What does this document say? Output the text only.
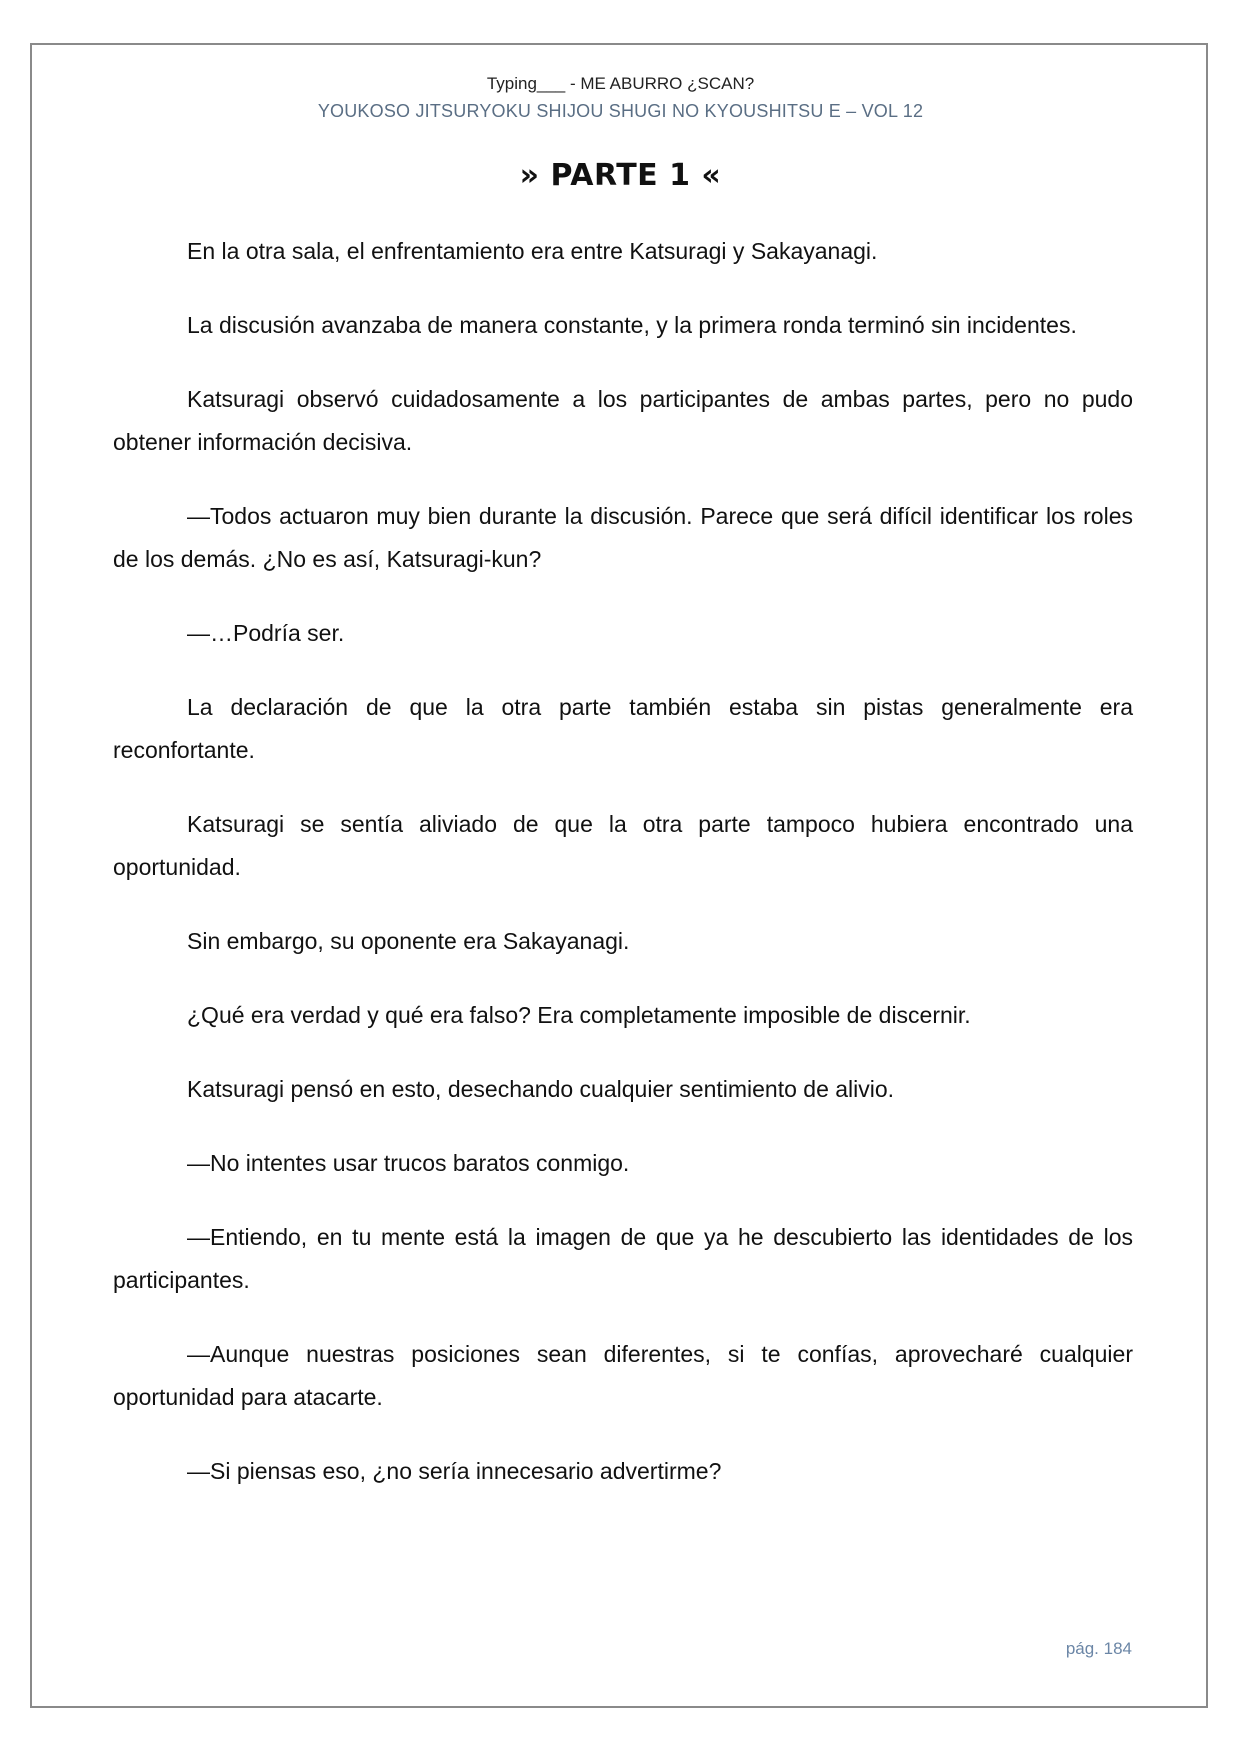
Typing___ - ME ABURRO ¿SCAN?
YOUKOSO JITSURYOKU SHIJOU SHUGI NO KYOUSHITSU E – VOL 12
» PARTE 1 «

En la otra sala, el enfrentamiento era entre Katsuragi y Sakayanagi.

La discusión avanzaba de manera constante, y la primera ronda terminó sin incidentes.

Katsuragi observó cuidadosamente a los participantes de ambas partes, pero no pudo obtener información decisiva.

—Todos actuaron muy bien durante la discusión. Parece que será difícil identificar los roles de los demás. ¿No es así, Katsuragi-kun?

—…Podría ser.

La declaración de que la otra parte también estaba sin pistas generalmente era reconfortante.

Katsuragi se sentía aliviado de que la otra parte tampoco hubiera encontrado una oportunidad.

Sin embargo, su oponente era Sakayanagi.

¿Qué era verdad y qué era falso? Era completamente imposible de discernir.

Katsuragi pensó en esto, desechando cualquier sentimiento de alivio.

—No intentes usar trucos baratos conmigo.

—Entiendo, en tu mente está la imagen de que ya he descubierto las identidades de los participantes.

—Aunque nuestras posiciones sean diferentes, si te confías, aprovecharé cualquier oportunidad para atacarte.

—Si piensas eso, ¿no sería innecesario advertirme?

pág. 184
